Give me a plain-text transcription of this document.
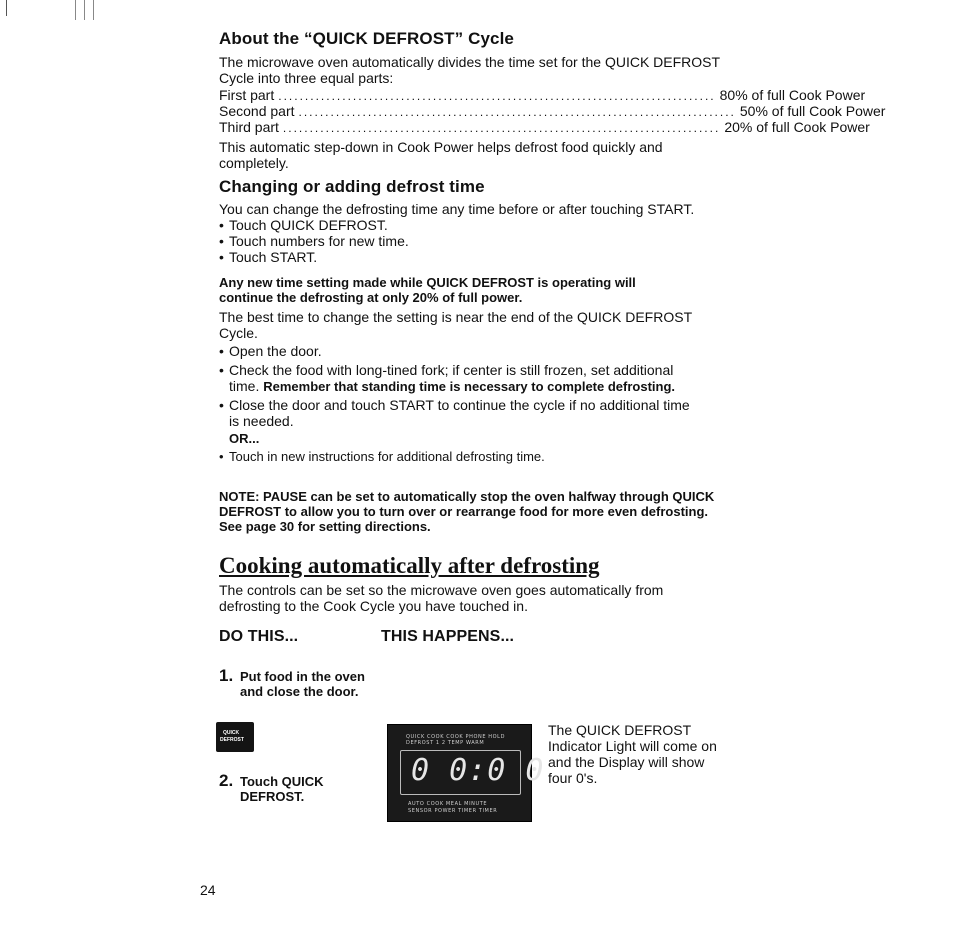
About the “QUICK DEFROST” Cycle
The microwave oven automatically divides the time set for the QUICK DEFROST Cycle into three equal parts:
First part .................................................................................. 80% of full Cook Power
Second part .................................................................................. 50% of full Cook Power
Third part .................................................................................. 20% of full Cook Power
This automatic step-down in Cook Power helps defrost food quickly and completely.
Changing or adding defrost time
You can change the defrosting time any time before or after touching START.
• Touch QUICK DEFROST.
• Touch numbers for new time.
• Touch START.
Any new time setting made while QUICK DEFROST is operating will continue the defrosting at only 20% of full power.
The best time to change the setting is near the end of the QUICK DEFROST Cycle.
• Open the door.
• Check the food with long-tined fork; if center is still frozen, set additional time. Remember that standing time is necessary to complete defrosting.
• Close the door and touch START to continue the cycle if no additional time is needed.
OR...
• Touch in new instructions for additional defrosting time.
NOTE: PAUSE can be set to automatically stop the oven halfway through QUICK DEFROST to allow you to turn over or rearrange food for more even defrosting. See page 30 for setting directions.
Cooking automatically after defrosting
The controls can be set so the microwave oven goes automatically from defrosting to the Cook Cycle you have touched in.
DO THIS...	THIS HAPPENS...
1. Put food in the oven and close the door.
QUICK
DEFROST
2. Touch QUICK DEFROST.
QUICK COOK COOK PHONE HOLD
DEFROST 1 2 TEMP WARM
0 0:0 0
AUTO COOK MEAL MINUTE
SENSOR POWER TIMER TIMER
The QUICK DEFROST Indicator Light will come on and the Display will show four 0's.
24
